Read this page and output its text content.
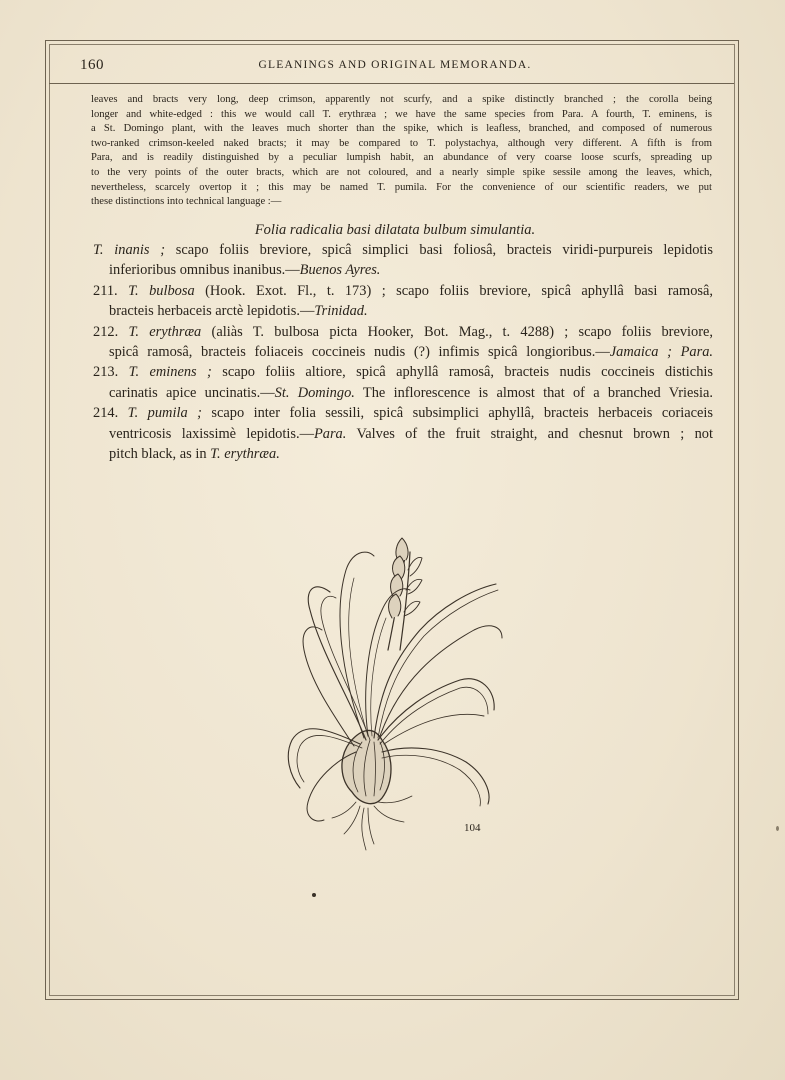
160	GLEANINGS AND ORIGINAL MEMORANDA.
leaves and bracts very long, deep crimson, apparently not scurfy, and a spike distinctly branched ; the corolla being
longer and white-edged : this we would call T. erythræa ; we have the same species from Para. A fourth, T. eminens, is
a St. Domingo plant, with the leaves much shorter than the spike, which is leafless, branched, and composed of numerous
two-ranked crimson-keeled naked bracts; it may be compared to T. polystachya, although very different. A fifth is from
Para, and is readily distinguished by a peculiar lumpish habit, an abundance of very coarse loose scurfs, spreading up
to the very points of the outer bracts, which are not coloured, and a nearly simple spike sessile among the leaves, which,
nevertheless, scarcely overtop it ; this may be named T. pumila. For the convenience of our scientific readers, we put
these distinctions into technical language :—
Folia radicalia basi dilatata bulbum simulantia.
T. inanis ; scapo foliis breviore, spicâ simplici basi foliosâ, bracteis viridi-purpureis lepidotis
inferioribus omnibus inanibus.—Buenos Ayres.
211. T. bulbosa (Hook. Exot. Fl., t. 173) ; scapo foliis breviore, spicâ aphyllâ basi ramosâ,
bracteis herbaceis arctè lepidotis.—Trinidad.
212. T. erythræa (aliàs T. bulbosa picta Hooker, Bot. Mag., t. 4288) ; scapo foliis breviore,
spicâ ramosâ, bracteis foliaceis coccineis nudis (?) infimis spicâ longioribus.—Jamaica ; Para.
213. T. eminens ; scapo foliis altiore, spicâ aphyllâ ramosâ, bracteis nudis coccineis distichis
carinatis apice uncinatis.—St. Domingo. The inflorescence is almost that of a branched Vriesia.
214. T. pumila ; scapo inter folia sessili, spicâ subsimplici aphyllâ, bracteis herbaceis coriaceis
ventricosis laxissimè lepidotis.—Para. Valves of the fruit straight, and chesnut brown ; not
pitch black, as in T. erythræa.
104
